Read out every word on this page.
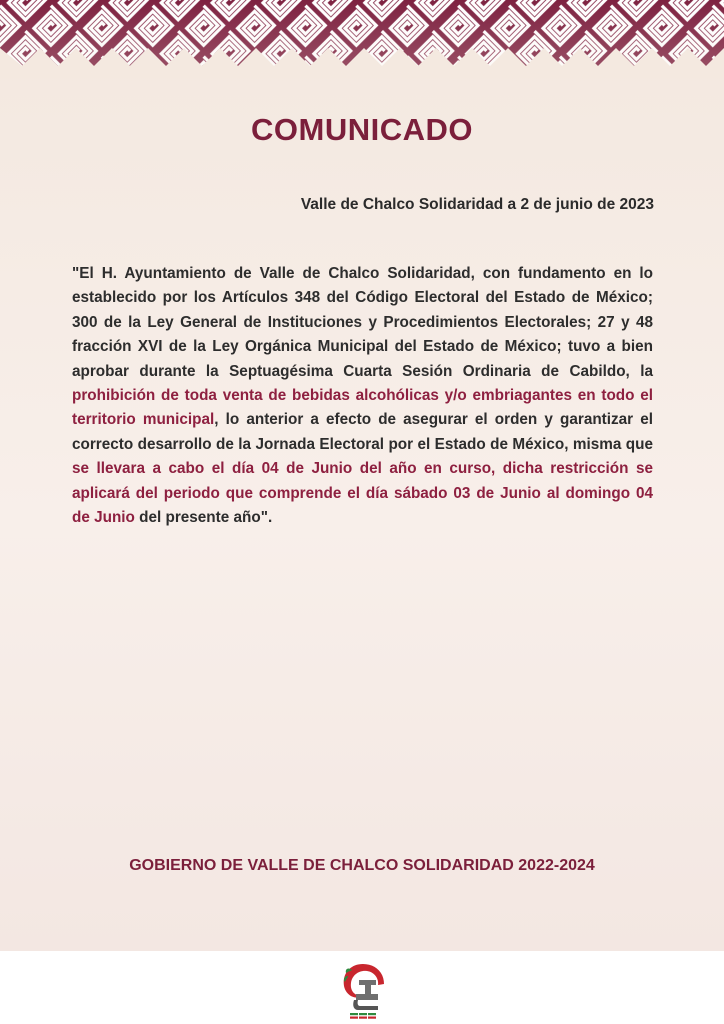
COMUNICADO
Valle de Chalco Solidaridad a 2 de junio de 2023

"El H. Ayuntamiento de Valle de Chalco Solidaridad, con fundamento en lo establecido por los Artículos 348 del Código Electoral del Estado de México; 300 de la Ley General de Instituciones y Procedimientos Electorales; 27 y 48 fracción XVI de la Ley Orgánica Municipal del Estado de México; tuvo a bien aprobar durante la Septuagésima Cuarta Sesión Ordinaria de Cabildo, la prohibición de toda venta de bebidas alcohólicas y/o embriagantes en todo el territorio municipal, lo anterior a efecto de asegurar el orden y garantizar el correcto desarrollo de la Jornada Electoral por el Estado de México, misma que se llevara a cabo el día 04 de Junio del año en curso, dicha restricción se aplicará del periodo que comprende el día sábado 03 de Junio al domingo 04 de Junio del presente año".

GOBIERNO DE VALLE DE CHALCO SOLIDARIDAD 2022-2024
